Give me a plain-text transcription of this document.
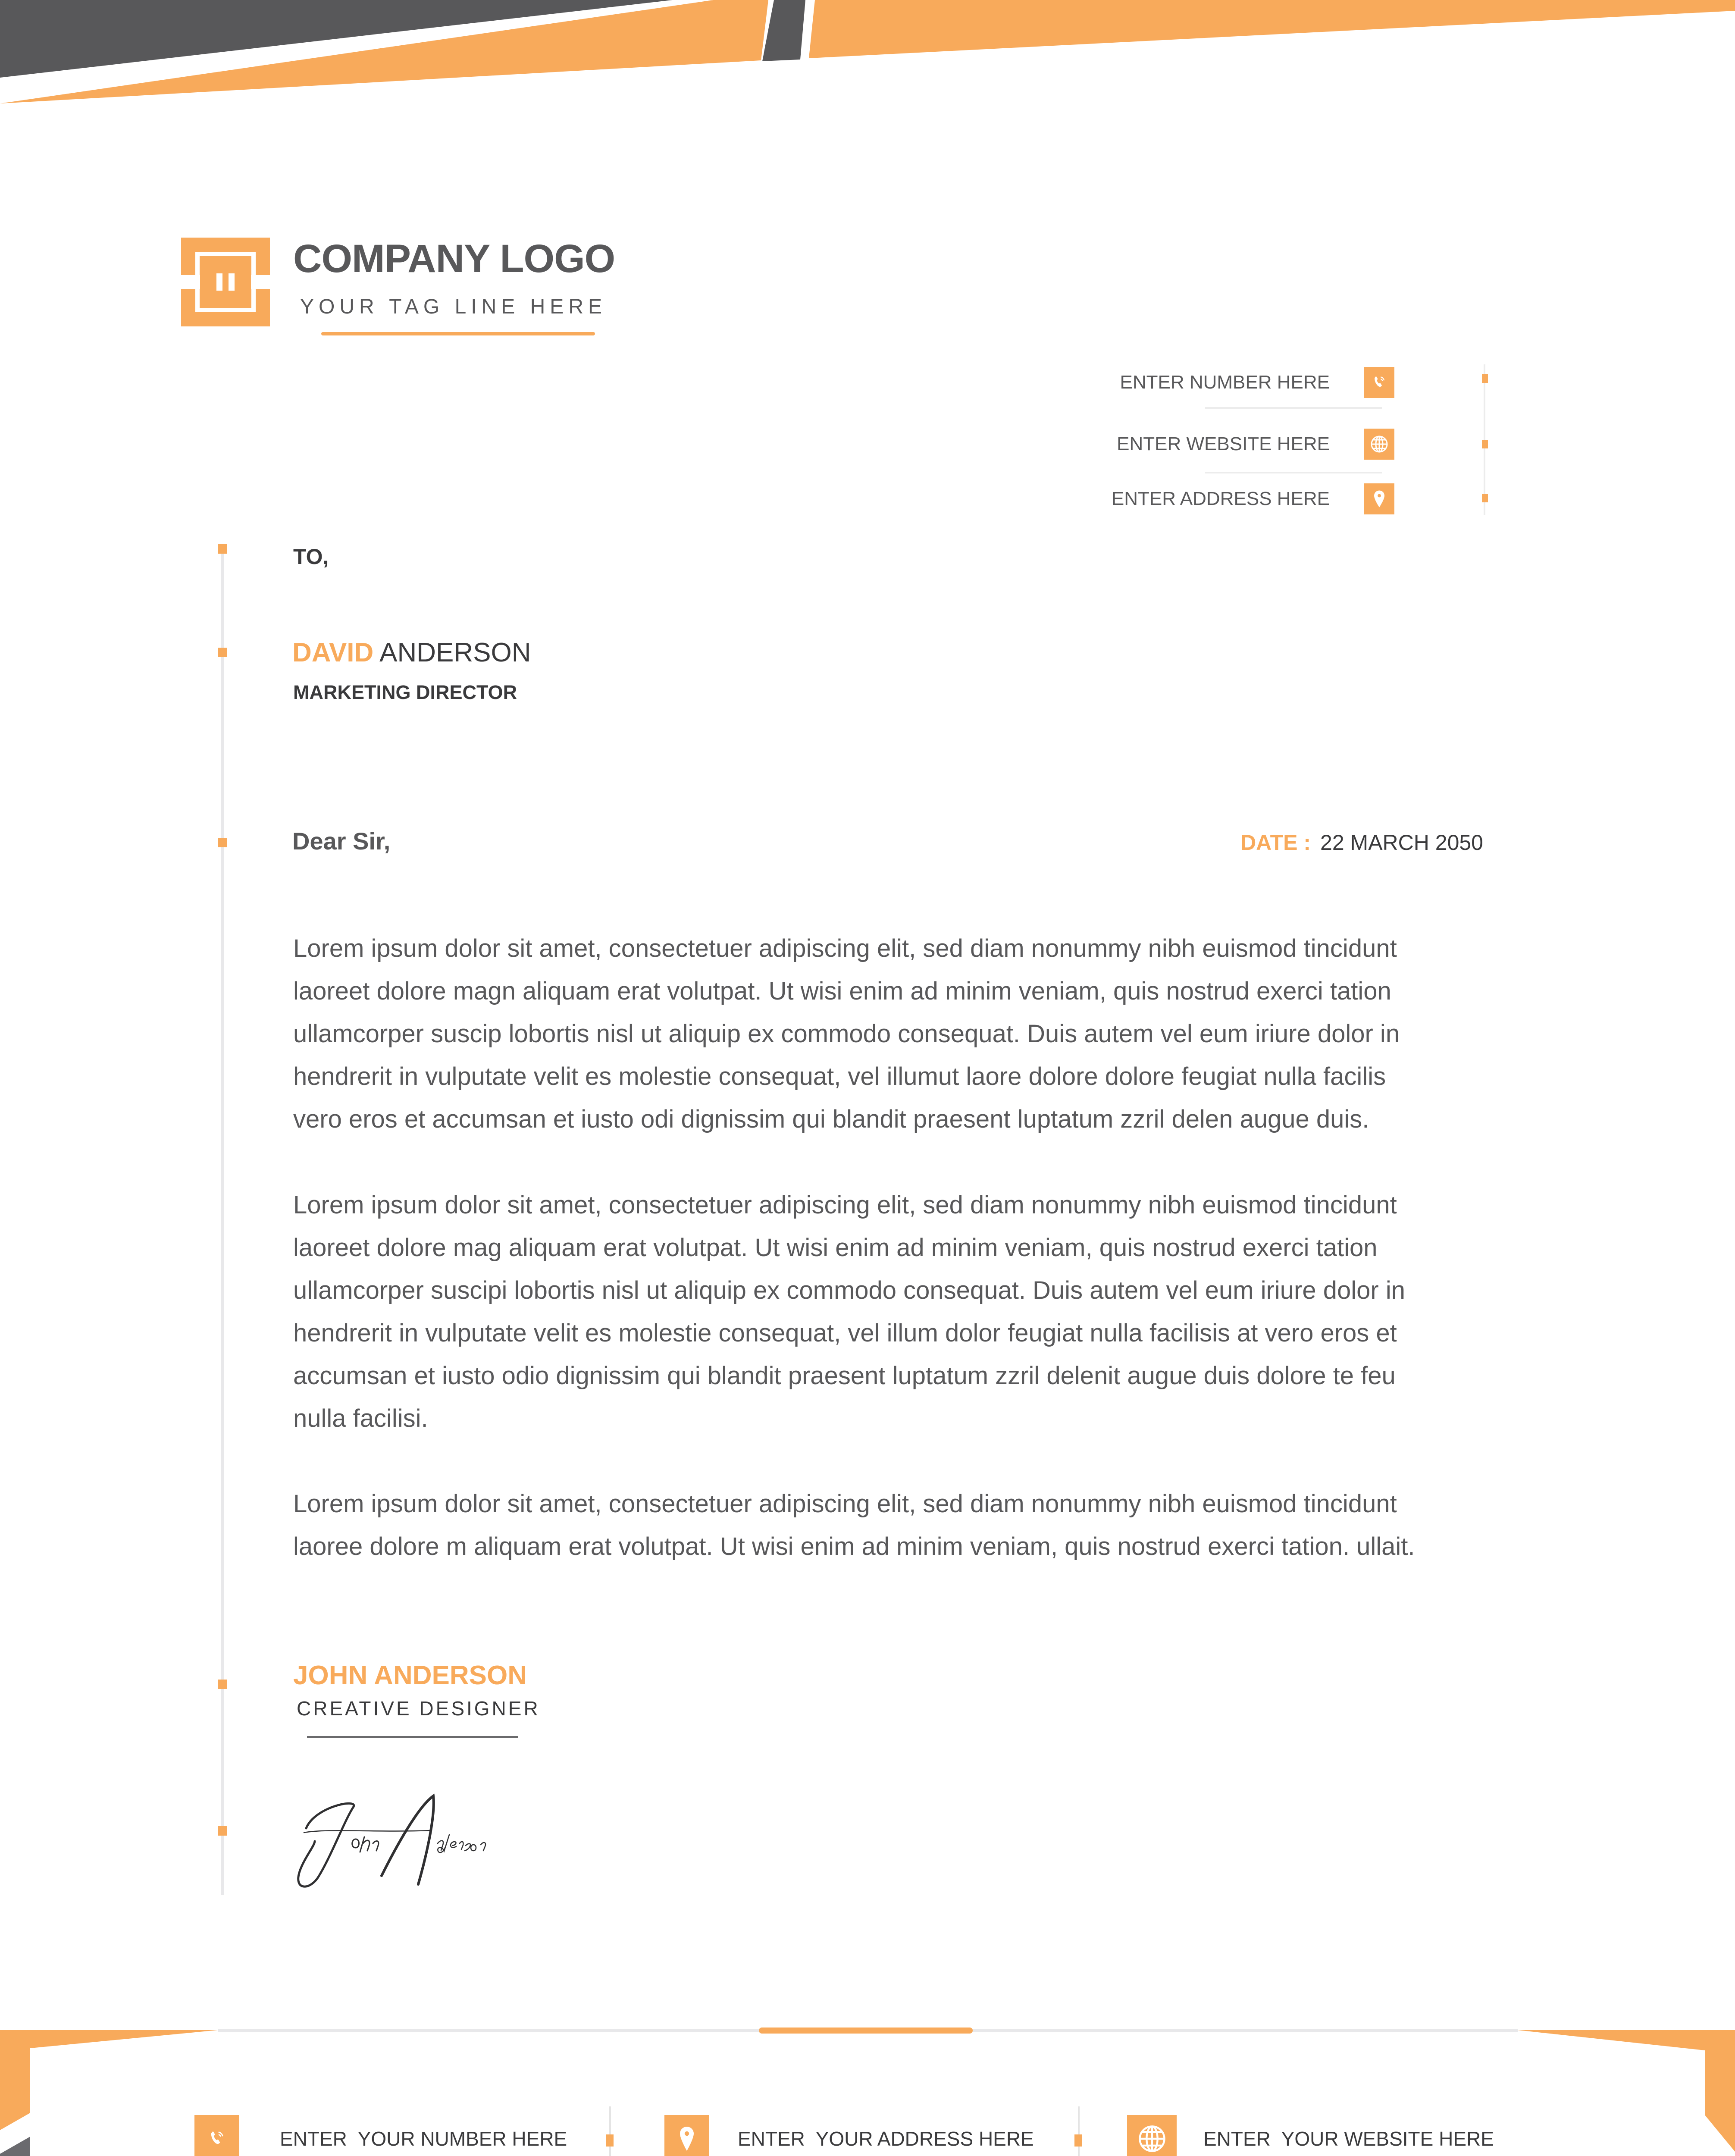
COMPANY LOGO
YOUR TAG LINE HERE
ENTER NUMBER HERE
ENTER WEBSITE HERE
ENTER ADDRESS HERE
TO,
DAVID ANDERSON
MARKETING DIRECTOR
Dear Sir,	DATE : 22 MARCH 2050
Lorem ipsum dolor sit amet, consectetuer adipiscing elit, sed diam nonummy nibh euismod tincidunt
laoreet dolore magn aliquam erat volutpat. Ut wisi enim ad minim veniam, quis nostrud exerci tation
ullamcorper suscip lobortis nisl ut aliquip ex commodo consequat. Duis autem vel eum iriure dolor in
hendrerit in vulputate velit es molestie consequat, vel illumut laore dolore dolore feugiat nulla facilis
vero eros et accumsan et iusto odi dignissim qui blandit praesent luptatum zzril delen augue duis.
Lorem ipsum dolor sit amet, consectetuer adipiscing elit, sed diam nonummy nibh euismod tincidunt
laoreet dolore mag aliquam erat volutpat. Ut wisi enim ad minim veniam, quis nostrud exerci tation
ullamcorper suscipi lobortis nisl ut aliquip ex commodo consequat. Duis autem vel eum iriure dolor in
hendrerit in vulputate velit es molestie consequat, vel illum dolor feugiat nulla facilisis at vero eros et
accumsan et iusto odio dignissim qui blandit praesent luptatum zzril delenit augue duis dolore te feu
nulla facilisi.
Lorem ipsum dolor sit amet, consectetuer adipiscing elit, sed diam nonummy nibh euismod tincidunt
laoree dolore m aliquam erat volutpat. Ut wisi enim ad minim veniam, quis nostrud exerci tation. ullait.
JOHN ANDERSON
CREATIVE DESIGNER
ENTER  YOUR NUMBER HERE	ENTER  YOUR ADDRESS HERE	ENTER  YOUR WEBSITE HERE
